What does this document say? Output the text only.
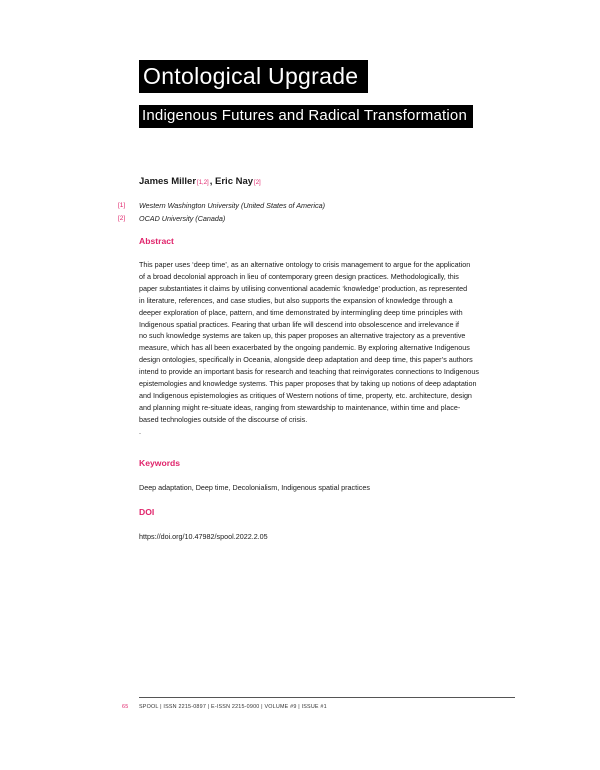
Ontological Upgrade
Indigenous Futures and Radical Transformation
James Miller[1,2], Eric Nay[2]
[1]	Western Washington University (United States of America)
[2]	OCAD University (Canada)
Abstract
This paper uses ‘deep time’, as an alternative ontology to crisis management to argue for the application
of a broad decolonial approach in lieu of contemporary green design practices. Methodologically, this
paper substantiates it claims by utilising conventional academic ‘knowledge’ production, as represented
in literature, references, and case studies, but also supports the expansion of knowledge through a
deeper exploration of place, pattern, and time demonstrated by intermingling deep time principles with
Indigenous spatial practices. Fearing that urban life will descend into obsolescence and irrelevance if
no such knowledge systems are taken up, this paper proposes an alternative trajectory as a preventive
measure, which has all been exacerbated by the ongoing pandemic. By exploring alternative Indigenous
design ontologies, specifically in Oceania, alongside deep adaptation and deep time, this paper’s authors
intend to provide an important basis for research and teaching that reinvigorates connections to Indigenous
epistemologies and knowledge systems. This paper proposes that by taking up notions of deep adaptation
and Indigenous epistemologies as critiques of Western notions of time, property, etc. architecture, design
and planning might re-situate ideas, ranging from stewardship to maintenance, within time and place-
based technologies outside of the discourse of crisis.
.
Keywords
Deep adaptation, Deep time, Decolonialism, Indigenous spatial practices
DOI
https://doi.org/10.47982/spool.2022.2.05
65	SPOOL | ISSN 2215-0897 | E-ISSN 2215-0900 | VOLUME #9 | ISSUE #1
